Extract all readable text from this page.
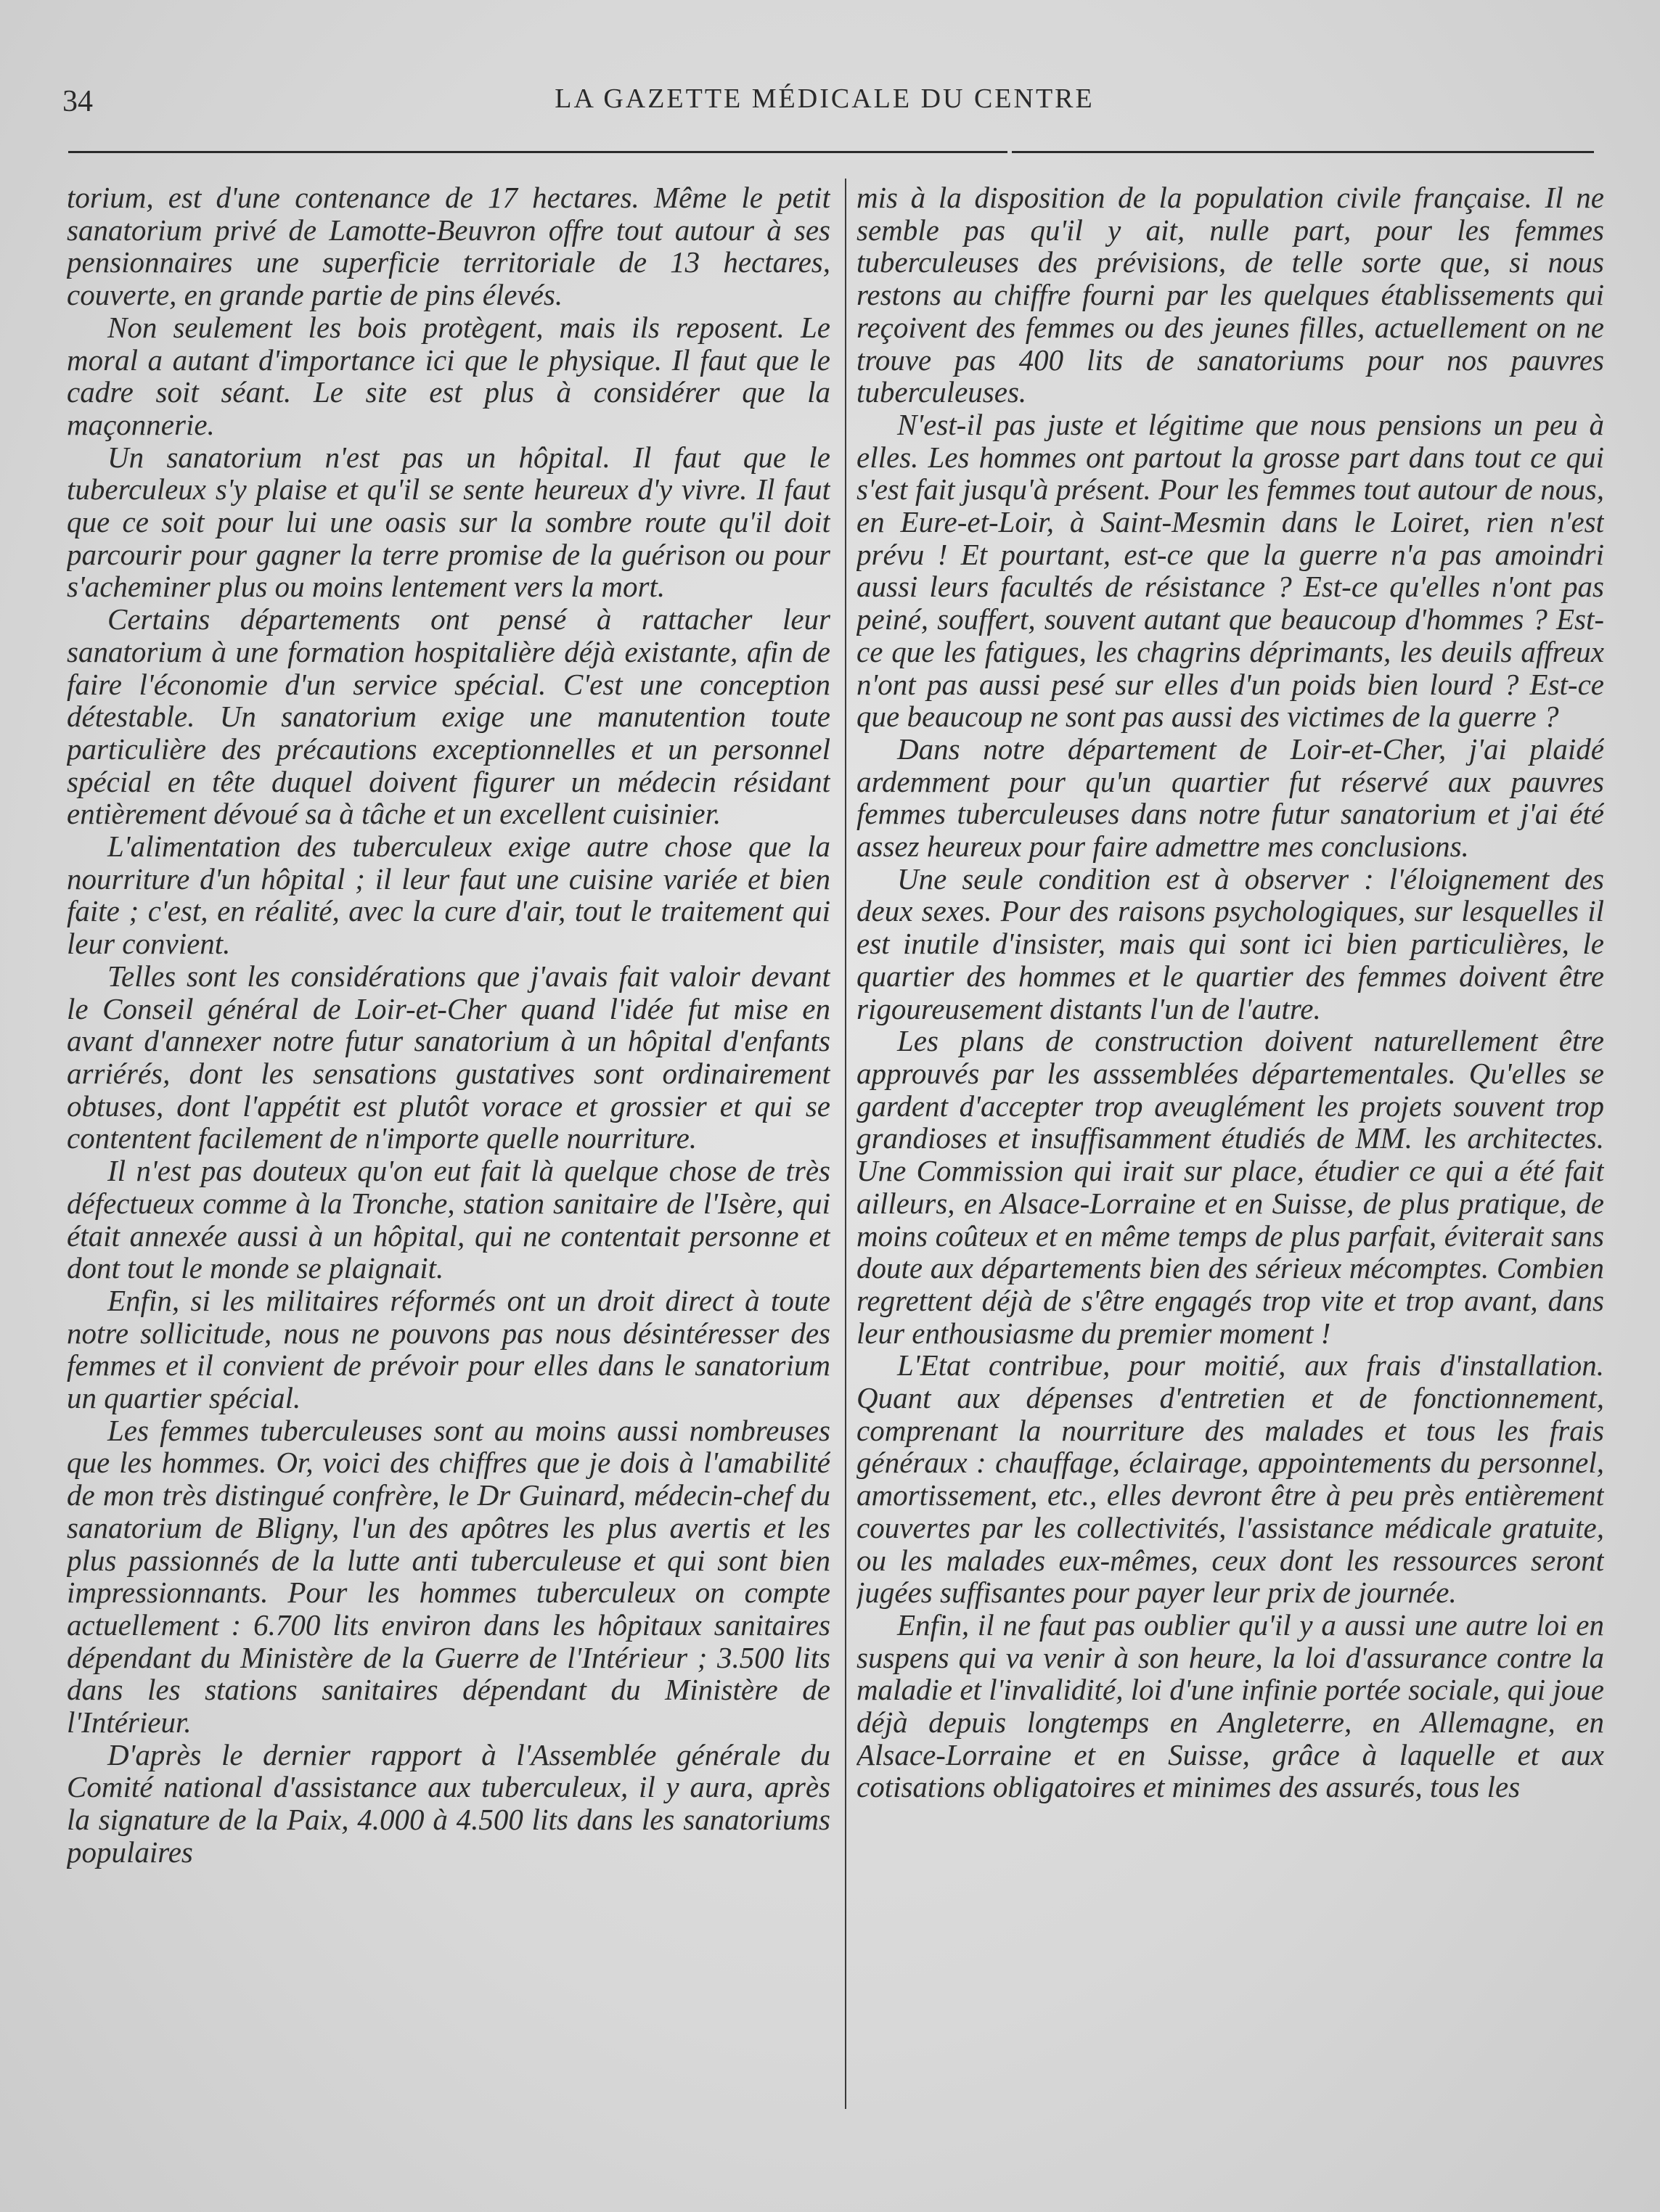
34	LA GAZETTE MÉDICALE DU CENTRE

torium, est d'une contenance de 17 hectares. Même le petit sanatorium privé de Lamotte-Beuvron offre tout autour à ses pensionnaires une superficie territoriale de 13 hectares, couverte, en grande partie de pins élevés.

Non seulement les bois protègent, mais ils reposent. Le moral a autant d'importance ici que le physique. Il faut que le cadre soit séant. Le site est plus à considérer que la maçonnerie.

Un sanatorium n'est pas un hôpital. Il faut que le tuberculeux s'y plaise et qu'il se sente heureux d'y vivre. Il faut que ce soit pour lui une oasis sur la sombre route qu'il doit parcourir pour gagner la terre promise de la guérison ou pour s'acheminer plus ou moins lentement vers la mort.

Certains départements ont pensé à rattacher leur sanatorium à une formation hospitalière déjà existante, afin de faire l'économie d'un service spécial. C'est une conception détestable. Un sanatorium exige une manutention toute particulière des précautions exceptionnelles et un personnel spécial en tête duquel doivent figurer un médecin résidant entièrement dévoué sa à tâche et un excellent cuisinier.

L'alimentation des tuberculeux exige autre chose que la nourriture d'un hôpital ; il leur faut une cuisine variée et bien faite ; c'est, en réalité, avec la cure d'air, tout le traitement qui leur convient.

Telles sont les considérations que j'avais fait valoir devant le Conseil général de Loir-et-Cher quand l'idée fut mise en avant d'annexer notre futur sanatorium à un hôpital d'enfants arriérés, dont les sensations gustatives sont ordinairement obtuses, dont l'appétit est plutôt vorace et grossier et qui se contentent facilement de n'importe quelle nourriture.

Il n'est pas douteux qu'on eut fait là quelque chose de très défectueux comme à la Tronche, station sanitaire de l'Isère, qui était annexée aussi à un hôpital, qui ne contentait personne et dont tout le monde se plaignait.

Enfin, si les militaires réformés ont un droit direct à toute notre sollicitude, nous ne pouvons pas nous désintéresser des femmes et il convient de prévoir pour elles dans le sanatorium un quartier spécial.

Les femmes tuberculeuses sont au moins aussi nombreuses que les hommes. Or, voici des chiffres que je dois à l'amabilité de mon très distingué confrère, le Dr Guinard, médecin-chef du sanatorium de Bligny, l'un des apôtres les plus avertis et les plus passionnés de la lutte anti tuberculeuse et qui sont bien impressionnants. Pour les hommes tuberculeux on compte actuellement : 6.700 lits environ dans les hôpitaux sanitaires dépendant du Ministère de la Guerre de l'Intérieur ; 3.500 lits dans les stations sanitaires dépendant du Ministère de l'Intérieur.

D'après le dernier rapport à l'Assemblée générale du Comité national d'assistance aux tuberculeux, il y aura, après la signature de la Paix, 4.000 à 4.500 lits dans les sanatoriums populaires

mis à la disposition de la population civile française. Il ne semble pas qu'il y ait, nulle part, pour les femmes tuberculeuses des prévisions, de telle sorte que, si nous restons au chiffre fourni par les quelques établissements qui reçoivent des femmes ou des jeunes filles, actuellement on ne trouve pas 400 lits de sanatoriums pour nos pauvres tuberculeuses.

N'est-il pas juste et légitime que nous pensions un peu à elles. Les hommes ont partout la grosse part dans tout ce qui s'est fait jusqu'à présent. Pour les femmes tout autour de nous, en Eure-et-Loir, à Saint-Mesmin dans le Loiret, rien n'est prévu ! Et pourtant, est-ce que la guerre n'a pas amoindri aussi leurs facultés de résistance ? Est-ce qu'elles n'ont pas peiné, souffert, souvent autant que beaucoup d'hommes ? Est-ce que les fatigues, les chagrins déprimants, les deuils affreux n'ont pas aussi pesé sur elles d'un poids bien lourd ? Est-ce que beaucoup ne sont pas aussi des victimes de la guerre ?

Dans notre département de Loir-et-Cher, j'ai plaidé ardemment pour qu'un quartier fut réservé aux pauvres femmes tuberculeuses dans notre futur sanatorium et j'ai été assez heureux pour faire admettre mes conclusions.

Une seule condition est à observer : l'éloignement des deux sexes. Pour des raisons psychologiques, sur lesquelles il est inutile d'insister, mais qui sont ici bien particulières, le quartier des hommes et le quartier des femmes doivent être rigoureusement distants l'un de l'autre.

Les plans de construction doivent naturellement être approuvés par les asssemblées départementales. Qu'elles se gardent d'accepter trop aveuglément les projets souvent trop grandioses et insuffisamment étudiés de MM. les architectes. Une Commission qui irait sur place, étudier ce qui a été fait ailleurs, en Alsace-Lorraine et en Suisse, de plus pratique, de moins coûteux et en même temps de plus parfait, éviterait sans doute aux départements bien des sérieux mécomptes. Combien regrettent déjà de s'être engagés trop vite et trop avant, dans leur enthousiasme du premier moment !

L'Etat contribue, pour moitié, aux frais d'installation. Quant aux dépenses d'entretien et de fonctionnement, comprenant la nourriture des malades et tous les frais généraux : chauffage, éclairage, appointements du personnel, amortissement, etc., elles devront être à peu près entièrement couvertes par les collectivités, l'assistance médicale gratuite, ou les malades eux-mêmes, ceux dont les ressources seront jugées suffisantes pour payer leur prix de journée.

Enfin, il ne faut pas oublier qu'il y a aussi une autre loi en suspens qui va venir à son heure, la loi d'assurance contre la maladie et l'invalidité, loi d'une infinie portée sociale, qui joue déjà depuis longtemps en Angleterre, en Allemagne, en Alsace-Lorraine et en Suisse, grâce à laquelle et aux cotisations obligatoires et minimes des assurés, tous les
